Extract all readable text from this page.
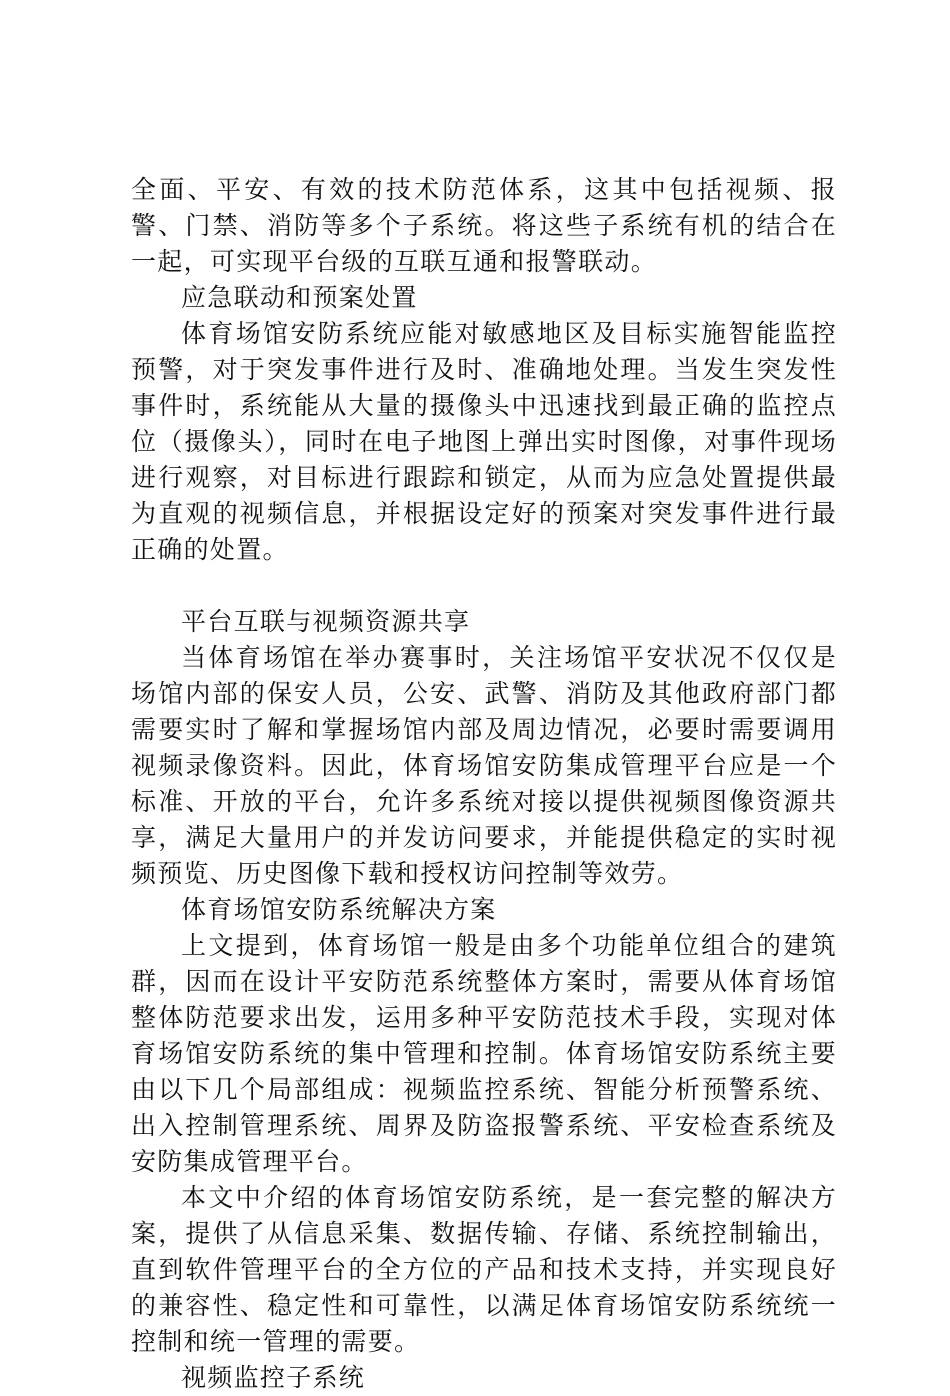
全面、平安、有效的技术防范体系，这其中包括视频、报警、门禁、消防等多个子系统。将这些子系统有机的结合在一起，可实现平台级的互联互通和报警联动。

应急联动和预案处置

体育场馆安防系统应能对敏感地区及目标实施智能监控预警，对于突发事件进行及时、准确地处理。当发生突发性事件时，系统能从大量的摄像头中迅速找到最正确的监控点位（摄像头），同时在电子地图上弹出实时图像，对事件现场进行观察，对目标进行跟踪和锁定，从而为应急处置提供最为直观的视频信息，并根据设定好的预案对突发事件进行最正确的处置。

平台互联与视频资源共享

当体育场馆在举办赛事时，关注场馆平安状况不仅仅是场馆内部的保安人员，公安、武警、消防及其他政府部门都需要实时了解和掌握场馆内部及周边情况，必要时需要调用视频录像资料。因此，体育场馆安防集成管理平台应是一个标准、开放的平台，允许多系统对接以提供视频图像资源共享，满足大量用户的并发访问要求，并能提供稳定的实时视频预览、历史图像下载和授权访问控制等效劳。

体育场馆安防系统解决方案

上文提到，体育场馆一般是由多个功能单位组合的建筑群，因而在设计平安防范系统整体方案时，需要从体育场馆整体防范要求出发，运用多种平安防范技术手段，实现对体育场馆安防系统的集中管理和控制。体育场馆安防系统主要由以下几个局部组成：视频监控系统、智能分析预警系统、出入控制管理系统、周界及防盗报警系统、平安检查系统及安防集成管理平台。

本文中介绍的体育场馆安防系统，是一套完整的解决方案，提供了从信息采集、数据传输、存储、系统控制输出，直到软件管理平台的全方位的产品和技术支持，并实现良好的兼容性、稳定性和可靠性，以满足体育场馆安防系统统一控制和统一管理的需要。

视频监控子系统
